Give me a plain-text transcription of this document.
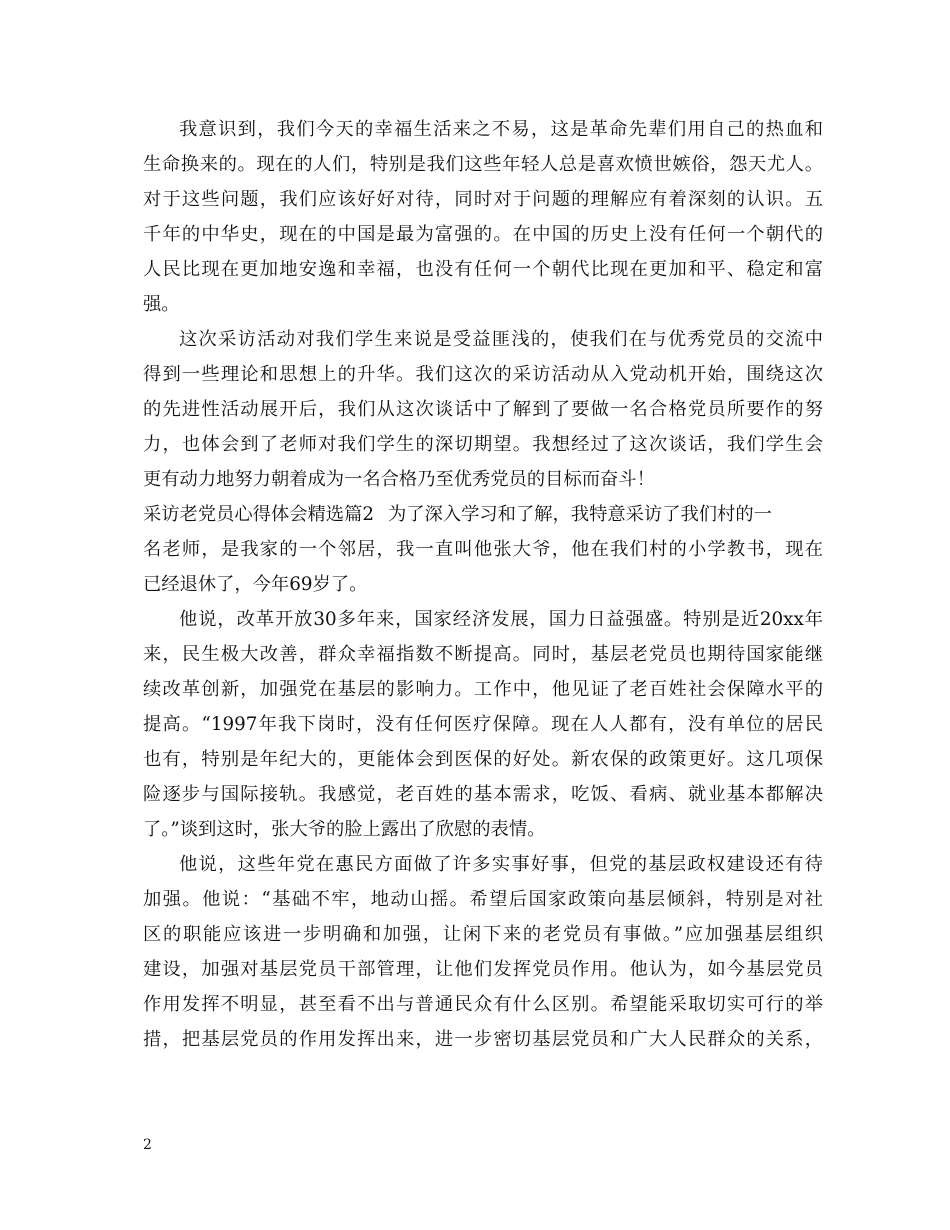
我意识到，我们今天的幸福生活来之不易，这是革命先辈们用自己的热血和
生命换来的。现在的人们，特别是我们这些年轻人总是喜欢愤世嫉俗，怨天尤人。
对于这些问题，我们应该好好对待，同时对于问题的理解应有着深刻的认识。五
千年的中华史，现在的中国是最为富强的。在中国的历史上没有任何一个朝代的
人民比现在更加地安逸和幸福，也没有任何一个朝代比现在更加和平、稳定和富
强。
这次采访活动对我们学生来说是受益匪浅的，使我们在与优秀党员的交流中
得到一些理论和思想上的升华。我们这次的采访活动从入党动机开始，围绕这次
的先进性活动展开后，我们从这次谈话中了解到了要做一名合格党员所要作的努
力，也体会到了老师对我们学生的深切期望。我想经过了这次谈话，我们学生会
更有动力地努力朝着成为一名合格乃至优秀党员的目标而奋斗！
采访老党员心得体会精选篇2 为了深入学习和了解，我特意采访了我们村的一
名老师，是我家的一个邻居，我一直叫他张大爷，他在我们村的小学教书，现在
已经退休了，今年69岁了。
他说，改革开放30多年来，国家经济发展，国力日益强盛。特别是近20xx年
来，民生极大改善，群众幸福指数不断提高。同时，基层老党员也期待国家能继
续改革创新，加强党在基层的影响力。工作中，他见证了老百姓社会保障水平的
提高。“1997年我下岗时，没有任何医疗保障。现在人人都有，没有单位的居民
也有，特别是年纪大的，更能体会到医保的好处。新农保的政策更好。这几项保
险逐步与国际接轨。我感觉，老百姓的基本需求，吃饭、看病、就业基本都解决
了。”谈到这时，张大爷的脸上露出了欣慰的表情。
他说，这些年党在惠民方面做了许多实事好事，但党的基层政权建设还有待
加强。他说：“基础不牢，地动山摇。希望后国家政策向基层倾斜，特别是对社
区的职能应该进一步明确和加强，让闲下来的老党员有事做。”应加强基层组织
建设，加强对基层党员干部管理，让他们发挥党员作用。他认为，如今基层党员
作用发挥不明显，甚至看不出与普通民众有什么区别。希望能采取切实可行的举
措，把基层党员的作用发挥出来，进一步密切基层党员和广大人民群众的关系，
2
